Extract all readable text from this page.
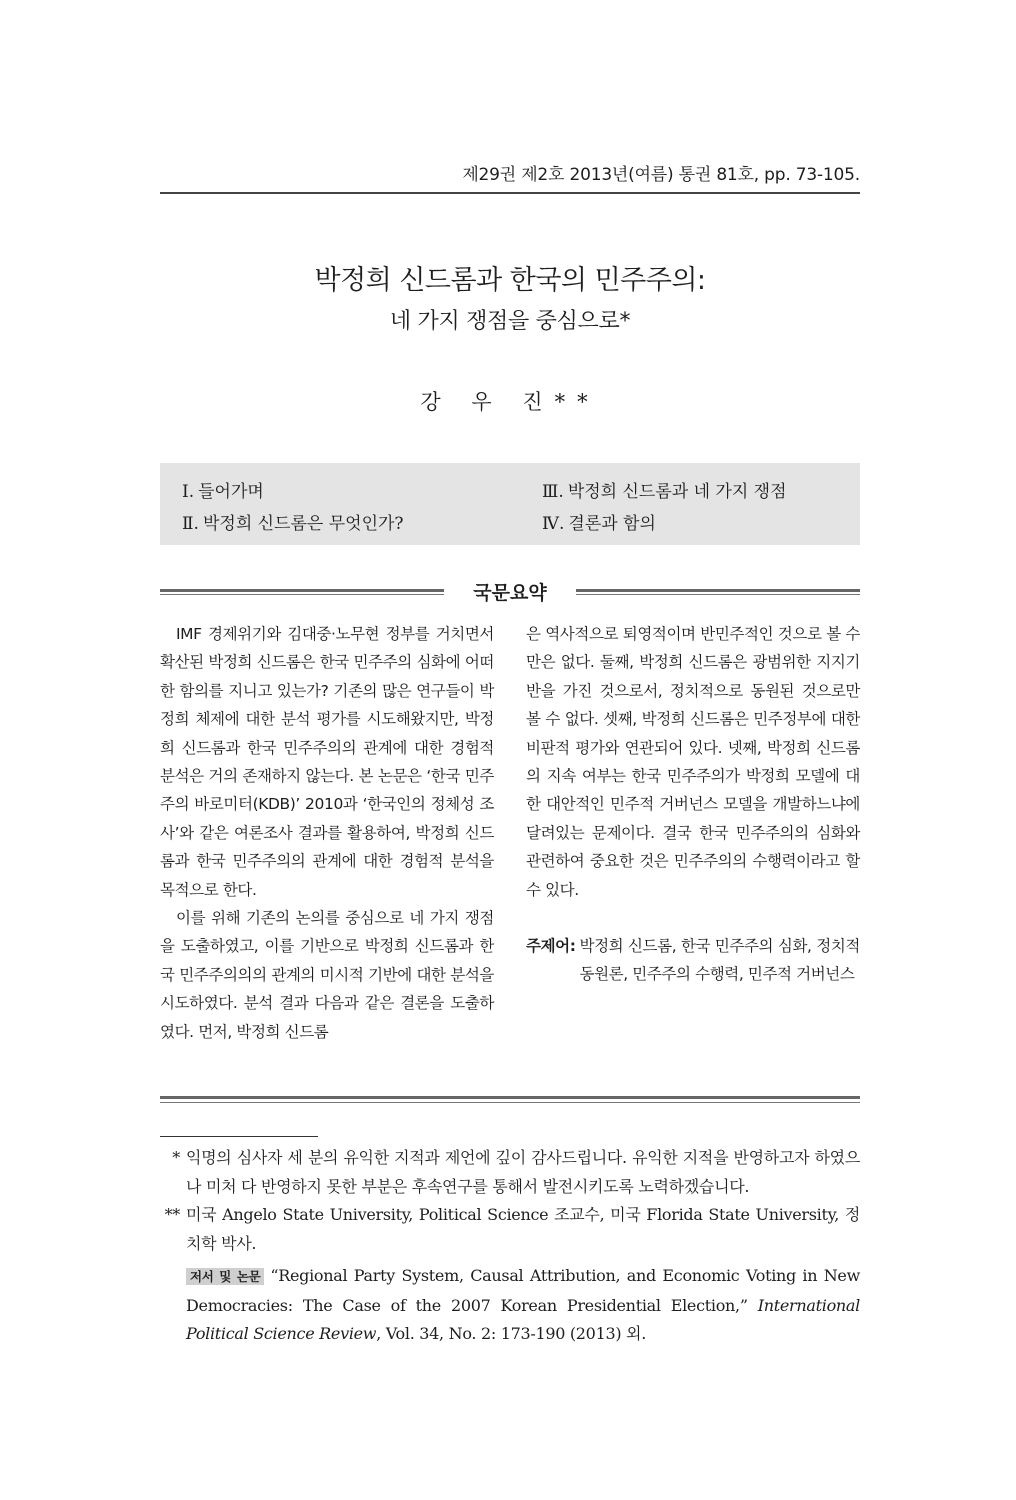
제29권 제2호 2013년(여름) 통권 81호, pp. 73-105.
박정희 신드롬과 한국의 민주주의:
네 가지 쟁점을 중심으로*
강 우 진**
Ⅰ. 들어가며
Ⅱ. 박정희 신드롬은 무엇인가?
Ⅲ. 박정희 신드롬과 네 가지 쟁점
Ⅳ. 결론과 함의
국문요약

IMF 경제위기와 김대중·노무현 정부를 거치면서 확산된 박정희 신드롬은 한국 민주주의 심화에 어떠한 함의를 지니고 있는가? 기존의 많은 연구들이 박정희 체제에 대한 분석 평가를 시도해왔지만, 박정희 신드롬과 한국 민주주의의 관계에 대한 경험적 분석은 거의 존재하지 않는다. 본 논문은 ‘한국 민주주의 바로미터(KDB)’ 2010과 ‘한국인의 정체성 조사’와 같은 여론조사 결과를 활용하여, 박정희 신드롬과 한국 민주주의의 관계에 대한 경험적 분석을 목적으로 한다.

이를 위해 기존의 논의를 중심으로 네 가지 쟁점을 도출하였고, 이를 기반으로 박정희 신드롬과 한국 민주주의의의 관계의 미시적 기반에 대한 분석을 시도하였다. 분석 결과 다음과 같은 결론을 도출하였다. 먼저, 박정희 신드롬

은 역사적으로 퇴영적이며 반민주적인 것으로 볼 수만은 없다. 둘째, 박정희 신드롬은 광범위한 지지기반을 가진 것으로서, 정치적으로 동원된 것으로만 볼 수 없다. 셋째, 박정희 신드롬은 민주정부에 대한 비판적 평가와 연관되어 있다. 넷째, 박정희 신드롬의 지속 여부는 한국 민주주의가 박정희 모델에 대한 대안적인 민주적 거버넌스 모델을 개발하느냐에 달려있는 문제이다. 결국 한국 민주주의의 심화와 관련하여 중요한 것은 민주주의의 수행력이라고 할 수 있다.

주제어: 박정희 신드롬, 한국 민주주의 심화, 정치적 동원론, 민주주의 수행력, 민주적 거버넌스
* 익명의 심사자 세 분의 유익한 지적과 제언에 깊이 감사드립니다. 유익한 지적을 반영하고자 하였으나 미처 다 반영하지 못한 부분은 후속연구를 통해서 발전시키도록 노력하겠습니다.
** 미국 Angelo State University, Political Science 조교수, 미국 Florida State University, 정치학 박사.
저서 및 논문 “Regional Party System, Causal Attribution, and Economic Voting in New Democracies: The Case of the 2007 Korean Presidential Election,” International Political Science Review, Vol. 34, No. 2: 173-190 (2013) 외.
